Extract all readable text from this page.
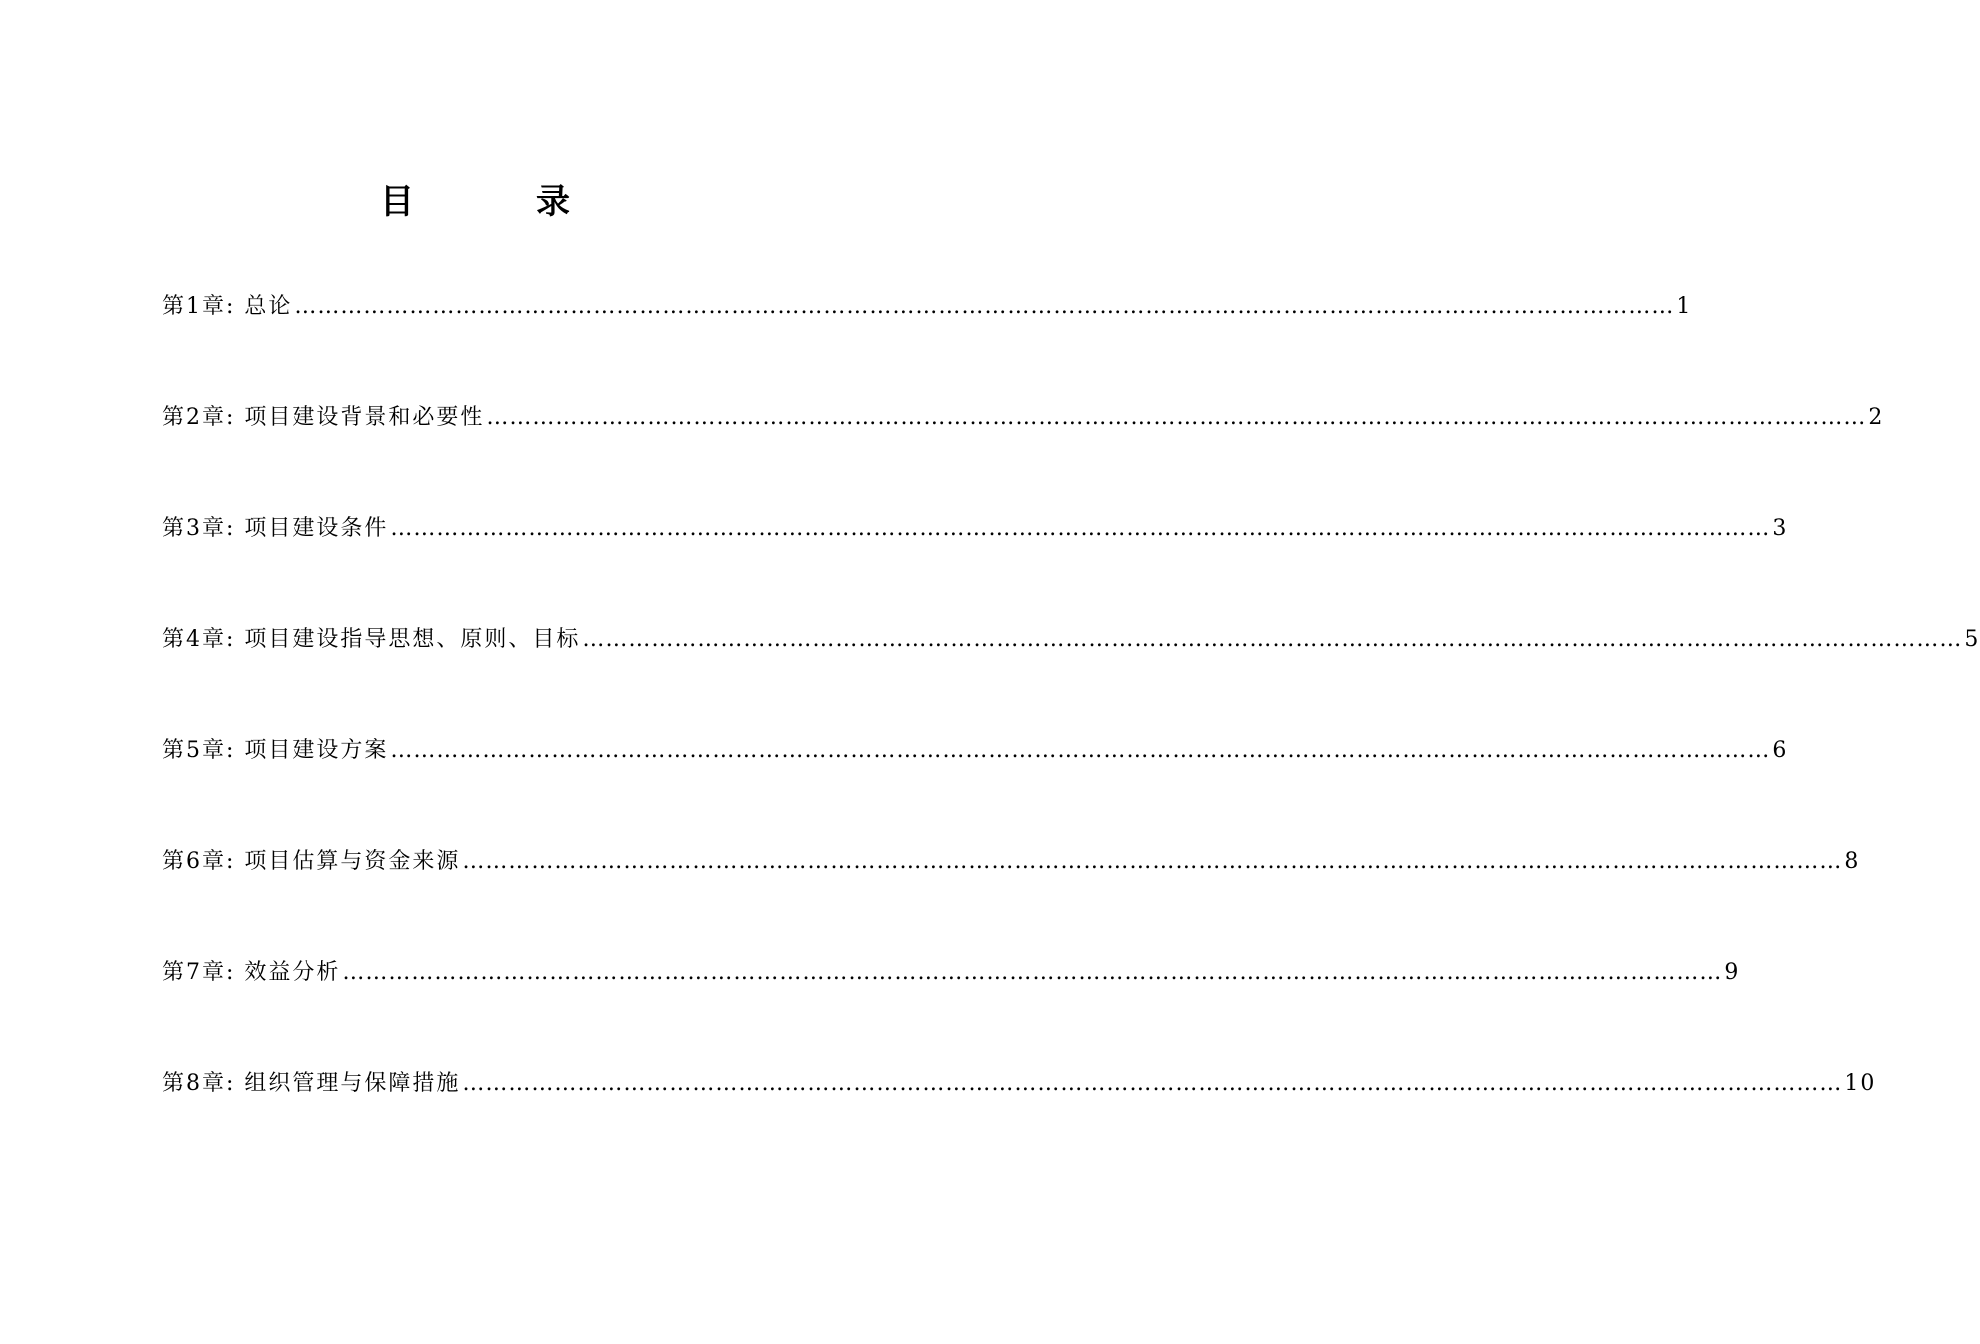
目　录
第1章: 总论 ……………………………………………………………………………………………………………………………………………………………… 1
第2章: 项目建设背景和必要性 ……………………………………………………………………………………………………………………………………………………………… 2
第3章: 项目建设条件 ……………………………………………………………………………………………………………………………………………………………… 3
第4章: 项目建设指导思想、原则、目标 ……………………………………………………………………………………………………………………………………………………………… 5
第5章: 项目建设方案 ……………………………………………………………………………………………………………………………………………………………… 6
第6章: 项目估算与资金来源 ……………………………………………………………………………………………………………………………………………………………… 8
第7章: 效益分析 ……………………………………………………………………………………………………………………………………………………………… 9
第8章: 组织管理与保障措施 ……………………………………………………………………………………………………………………………………………………………… 10
